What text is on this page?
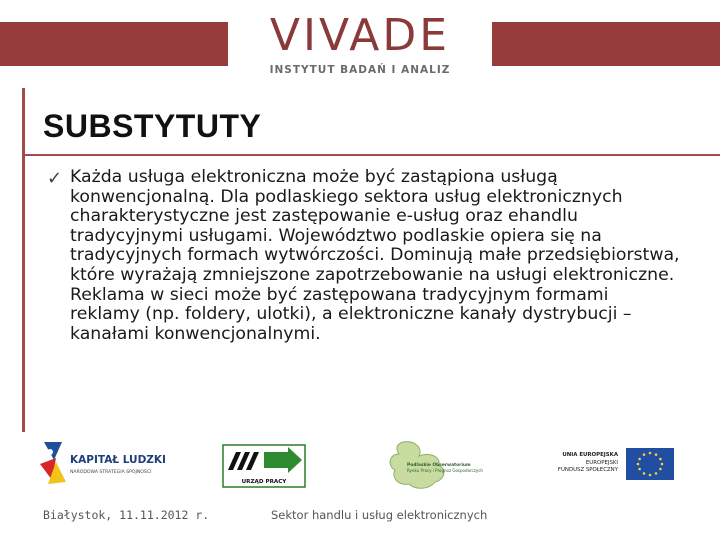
VIVADE
INSTYTUT BADAŃ I ANALIZ
SUBSTYTUTY
✓ Każda usługa elektroniczna może być zastąpiona usługą konwencjonalną. Dla podlaskiego sektora usług elektronicznych charakterystyczne jest zastępowanie e-usług oraz ehandlu tradycyjnymi usługami. Województwo podlaskie opiera się na tradycyjnych formach wytwórczości. Dominują małe przedsiębiorstwa, które wyrażają zmniejszone zapotrzebowanie na usługi elektroniczne. Reklama w sieci może być zastępowana tradycyjnym formami reklamy (np. foldery, ulotki), a elektroniczne kanały dystrybucji – kanałami konwencjonalnymi.

KAPITAŁ LUDZKI
NARODOWA STRATEGIA SPÓJNOŚCI
URZĄD PRACY
Podlaskie Obserwatorium
Rynku Pracy i Prognoz Gospodarczych
UNIA EUROPEJSKA
EUROPEJSKI
FUNDUSZ SPOŁECZNY
Białystok, 11.11.2012 r.	Sektor handlu i usług elektronicznych
